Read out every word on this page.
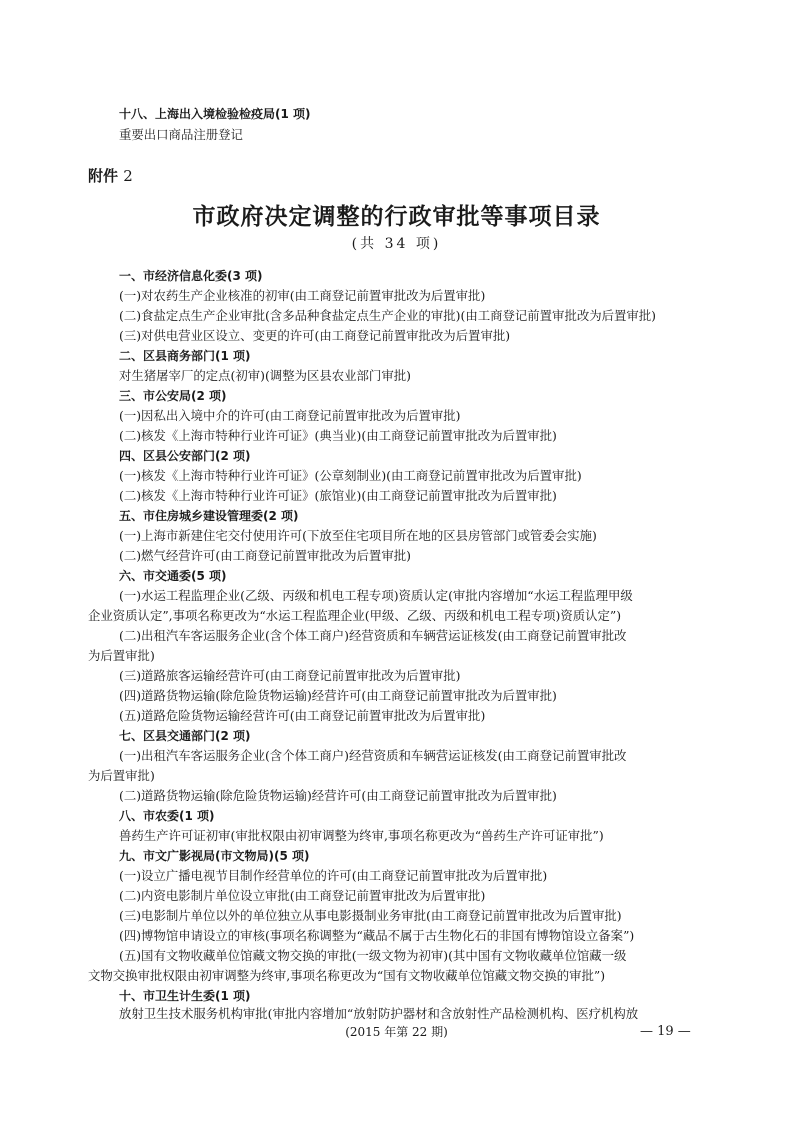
十八、上海出入境检验检疫局(1 项)

重要出口商品注册登记

附件 2

市政府决定调整的行政审批等事项目录

(共 34 项)

一、市经济信息化委(3 项)

(一)对农药生产企业核准的初审(由工商登记前置审批改为后置审批)

(二)食盐定点生产企业审批(含多品种食盐定点生产企业的审批)(由工商登记前置审批改为后置审批)

(三)对供电营业区设立、变更的许可(由工商登记前置审批改为后置审批)

二、区县商务部门(1 项)

对生猪屠宰厂的定点(初审)(调整为区县农业部门审批)

三、市公安局(2 项)

(一)因私出入境中介的许可(由工商登记前置审批改为后置审批)

(二)核发《上海市特种行业许可证》(典当业)(由工商登记前置审批改为后置审批)

四、区县公安部门(2 项)

(一)核发《上海市特种行业许可证》(公章刻制业)(由工商登记前置审批改为后置审批)

(二)核发《上海市特种行业许可证》(旅馆业)(由工商登记前置审批改为后置审批)

五、市住房城乡建设管理委(2 项)

(一)上海市新建住宅交付使用许可(下放至住宅项目所在地的区县房管部门或管委会实施)

(二)燃气经营许可(由工商登记前置审批改为后置审批)

六、市交通委(5 项)

(一)水运工程监理企业(乙级、丙级和机电工程专项)资质认定(审批内容增加“水运工程监理甲级

企业资质认定”,事项名称更改为“水运工程监理企业(甲级、乙级、丙级和机电工程专项)资质认定”)

(二)出租汽车客运服务企业(含个体工商户)经营资质和车辆营运证核发(由工商登记前置审批改

为后置审批)

(三)道路旅客运输经营许可(由工商登记前置审批改为后置审批)

(四)道路货物运输(除危险货物运输)经营许可(由工商登记前置审批改为后置审批)

(五)道路危险货物运输经营许可(由工商登记前置审批改为后置审批)

七、区县交通部门(2 项)

(一)出租汽车客运服务企业(含个体工商户)经营资质和车辆营运证核发(由工商登记前置审批改

为后置审批)

(二)道路货物运输(除危险货物运输)经营许可(由工商登记前置审批改为后置审批)

八、市农委(1 项)

兽药生产许可证初审(审批权限由初审调整为终审,事项名称更改为“兽药生产许可证审批”)

九、市文广影视局(市文物局)(5 项)

(一)设立广播电视节目制作经营单位的许可(由工商登记前置审批改为后置审批)

(二)内资电影制片单位设立审批(由工商登记前置审批改为后置审批)

(三)电影制片单位以外的单位独立从事电影摄制业务审批(由工商登记前置审批改为后置审批)

(四)博物馆申请设立的审核(事项名称调整为“藏品不属于古生物化石的非国有博物馆设立备案”)

(五)国有文物收藏单位馆藏文物交换的审批(一级文物为初审)(其中国有文物收藏单位馆藏一级

文物交换审批权限由初审调整为终审,事项名称更改为“国有文物收藏单位馆藏文物交换的审批”)

十、市卫生计生委(1 项)

放射卫生技术服务机构审批(审批内容增加“放射防护器材和含放射性产品检测机构、医疗机构放

(2015 年第 22 期)	— 19 —
